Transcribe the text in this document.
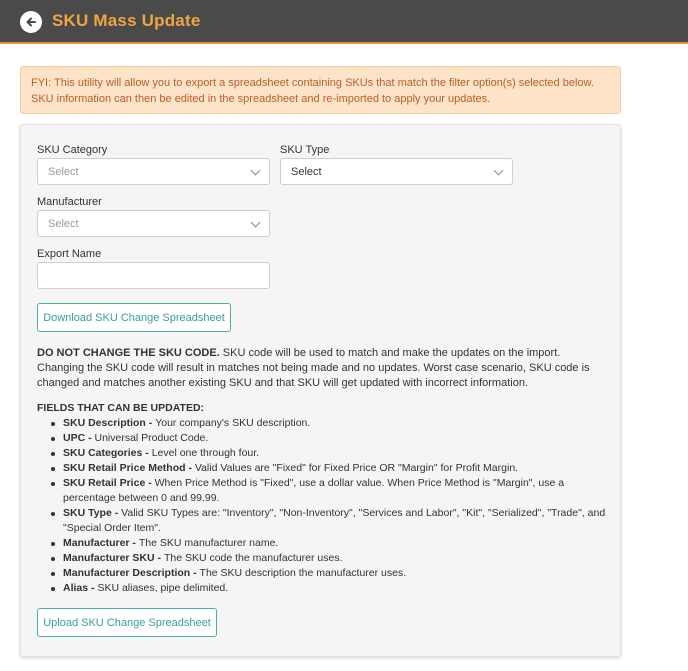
SKU Mass Update
FYI: This utility will allow you to export a spreadsheet containing SKUs that match the filter option(s) selected below. SKU information can then be edited in the spreadsheet and re-imported to apply your updates.
SKU Category
Select
SKU Type
Select
Manufacturer
Select
Export Name
Download SKU Change Spreadsheet
DO NOT CHANGE THE SKU CODE. SKU code will be used to match and make the updates on the import. Changing the SKU code will result in matches not being made and no updates. Worst case scenario, SKU code is changed and matches another existing SKU and that SKU will get updated with incorrect information.
FIELDS THAT CAN BE UPDATED:
SKU Description - Your company's SKU description.
UPC - Universal Product Code.
SKU Categories - Level one through four.
SKU Retail Price Method - Valid Values are "Fixed" for Fixed Price OR "Margin" for Profit Margin.
SKU Retail Price - When Price Method is "Fixed", use a dollar value. When Price Method is "Margin", use a percentage between 0 and 99.99.
SKU Type - Valid SKU Types are: "Inventory", "Non-Inventory", "Services and Labor", "Kit", "Serialized", "Trade", and "Special Order Item".
Manufacturer - The SKU manufacturer name.
Manufacturer SKU - The SKU code the manufacturer uses.
Manufacturer Description - The SKU description the manufacturer uses.
Alias - SKU aliases, pipe delimited.
Upload SKU Change Spreadsheet
